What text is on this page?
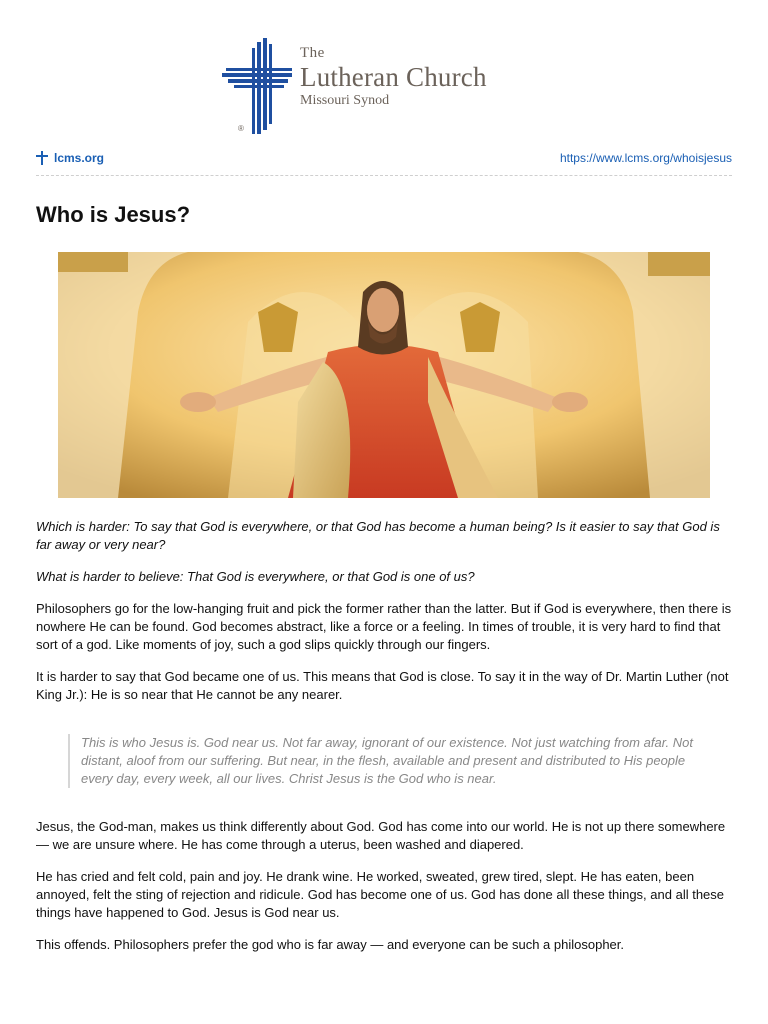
®
The
Lutheran Church
Missouri Synod
lcms.org	https://www.lcms.org/whoisjesus
Who is Jesus?

Which is harder: To say that God is everywhere, or that God has become a human being? Is it easier to say that God is far away or very near?

What is harder to believe: That God is everywhere, or that God is one of us?

Philosophers go for the low-hanging fruit and pick the former rather than the latter. But if God is everywhere, then there is nowhere He can be found. God becomes abstract, like a force or a feeling. In times of trouble, it is very hard to find that sort of a god. Like moments of joy, such a god slips quickly through our fingers.

It is harder to say that God became one of us. This means that God is close. To say it in the way of Dr. Martin Luther (not King Jr.): He is so near that He cannot be any nearer.

This is who Jesus is. God near us. Not far away, ignorant of our existence. Not just watching from afar. Not distant, aloof from our suffering. But near, in the flesh, available and present and distributed to His people every day, every week, all our lives. Christ Jesus is the God who is near.

Jesus, the God-man, makes us think differently about God. God has come into our world. He is not up there somewhere — we are unsure where. He has come through a uterus, been washed and diapered.

He has cried and felt cold, pain and joy. He drank wine. He worked, sweated, grew tired, slept. He has eaten, been annoyed, felt the sting of rejection and ridicule. God has become one of us. God has done all these things, and all these things have happened to God. Jesus is God near us.

This offends. Philosophers prefer the god who is far away — and everyone can be such a philosopher.
